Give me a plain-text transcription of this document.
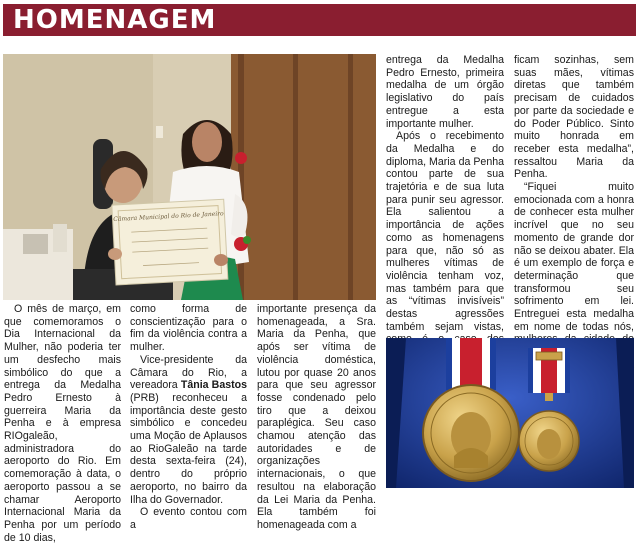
HOMENAGEM
Câmara Municipal do Rio de Janeiro

O mês de março, em que comemoramos o Dia Internacional da Mulher, não poderia ter um desfecho mais simbólico do que a entrega da Medalha Pedro Ernesto à guerreira Maria da Penha e à empresa RIOgaleão, administradora do aeroporto do Rio. Em comemoração à data, o aeroporto passou a se chamar Aeroporto Internacional Maria da Penha por um período de 10 dias,

como forma de conscientização para o fim da violência contra a mulher.

Vice-presidente da Câmara do Rio, a vereadora Tânia Bastos (PRB) reconheceu a importância deste gesto simbólico e concedeu uma Moção de Aplausos ao RioGaleão na tarde desta sexta-feira (24), dentro do próprio aeroporto, no bairro da Ilha do Governador.

O evento contou com a

importante presença da homenageada, a Sra. Maria da Penha, que após ser vítima de violência doméstica, lutou por quase 20 anos para que seu agressor fosse condenado pelo tiro que a deixou paraplégica. Seu caso chamou atenção das autoridades e de organizações internacionais, o que resultou na elaboração da Lei Maria da Penha. Ela também foi homenageada com a

entrega da Medalha Pedro Ernesto, primeira medalha de um órgão legislativo do país entregue a esta importante mulher.

Após o recebimento da Medalha e do diploma, Maria da Penha contou parte de sua trajetória e de sua luta para punir seu agressor. Ela salientou a importância de ações como as homenagens para que, não só as mulheres vítimas de violência tenham voz, mas também para que as “vítimas invisíveis” destas agressões também sejam vistas,

ficam sozinhas, sem suas mães, vítimas diretas que também precisam de cuidados por parte da sociedade e do Poder Público. Sinto muito honrada em receber esta medalha”, ressaltou Maria da Penha.

“Fiquei muito emocionada com a honra de conhecer esta mulher incrível que no seu momento de grande dor não se deixou abater. Ela é um exemplo de força e determinação que transformou seu sofrimento em lei. Entreguei esta medalha em nome de todas nós,
